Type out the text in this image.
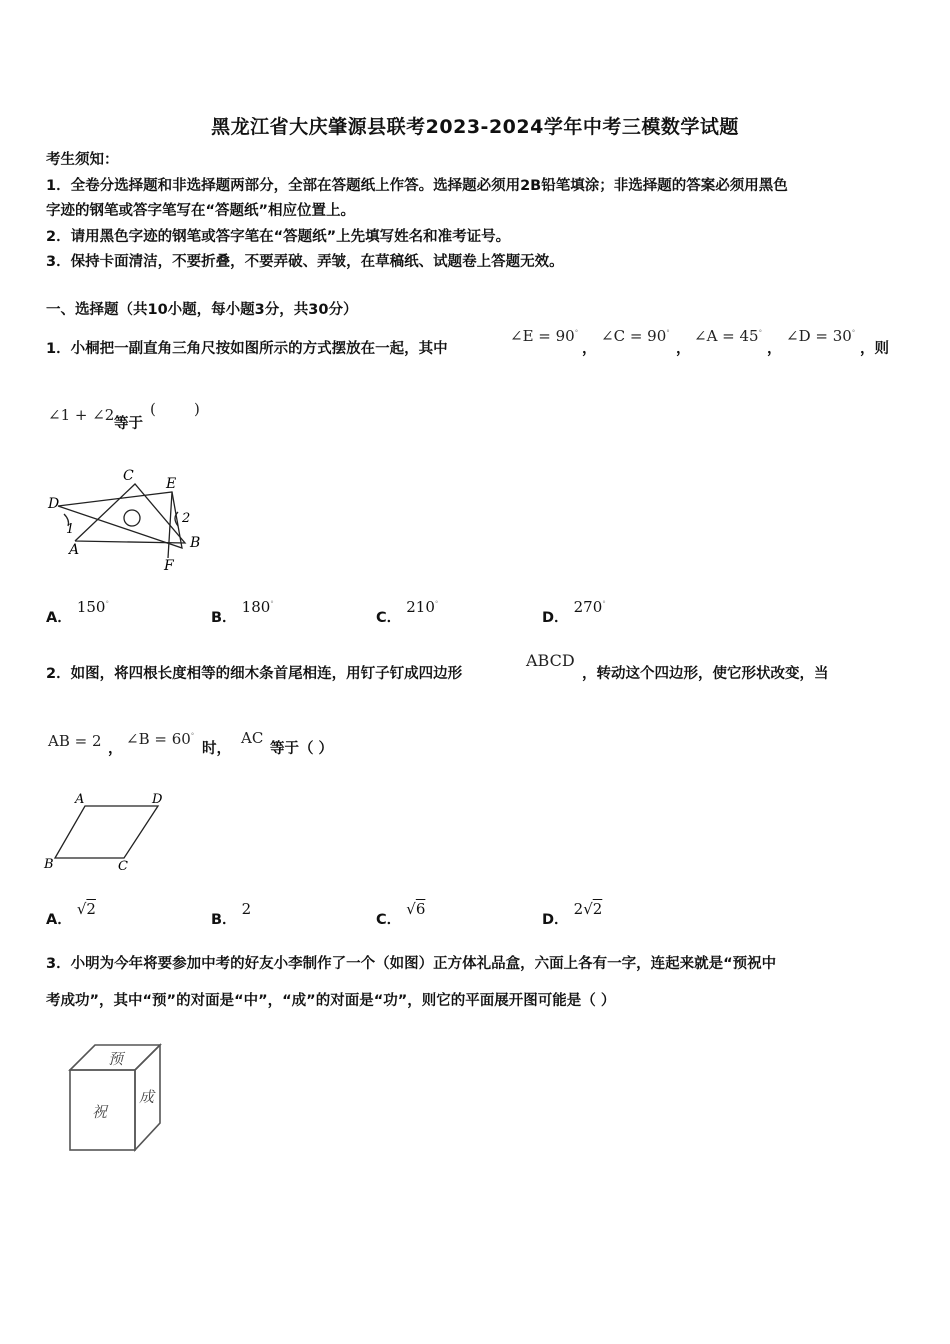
黑龙江省大庆肇源县联考2023-2024学年中考三模数学试题
考生须知：
1．全卷分选择题和非选择题两部分，全部在答题纸上作答。选择题必须用2B铅笔填涂；非选择题的答案必须用黑色
字迹的钢笔或答字笔写在“答题纸”相应位置上。
2．请用黑色字迹的钢笔或答字笔在“答题纸”上先填写姓名和准考证号。
3．保持卡面清洁，不要折叠，不要弄破、弄皱，在草稿纸、试题卷上答题无效。
一、选择题（共10小题，每小题3分，共30分）
1．小桐把一副直角三角尺按如图所示的方式摆放在一起，其中
∠E = 90°
，
∠C = 90°
，
∠A = 45°
，
∠D = 30°
，则
∠1 + ∠2 等于
(        )
C E
D
1
2
A	B
F
A． 150°
B． 180°
C． 210°
D． 270°
2．如图，将四根长度相等的细木条首尾相连，用钉子钉成四边形
ABCD
，转动这个四边形，使它形状改变，当
AB = 2 ，
∠B = 60°
时，
AC
等于（ ）
A	D
B	C
A． √2
B． 2
C． √6
D． 2√2
3．小明为今年将要参加中考的好友小李制作了一个（如图）正方体礼品盒，六面上各有一字，连起来就是“预祝中
考成功”，其中“预”的对面是“中”，“成”的对面是“功”，则它的平面展开图可能是（ ）
预
祝
成
